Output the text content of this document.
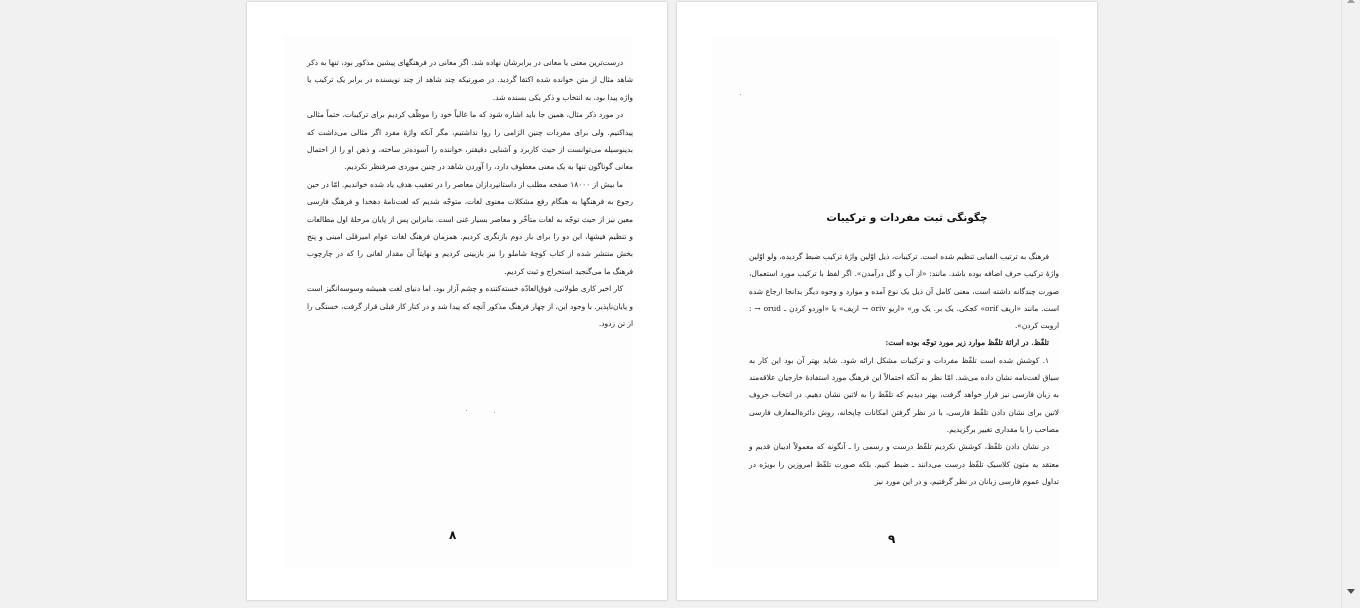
درست‌ترین معنی یا معانی در برابرشان نهاده شد. اگر معانی در فرهنگهای پیشین مذکور بود، تنها به ذکر شاهد مثال از متن خوانده شده اکتفا گردید. در صورتیکه چند شاهد از چند نویسنده در برابر یک ترکیب یا واژه پیدا بود، به انتخاب و ذکر یکی بسنده شد.

در مورد ذکر مثال، همین جا باید اشاره شود که ما غالباً خود را موظّف کردیم برای ترکیبات، حتماً مثالی پیداکنیم. ولی برای مفردات چنین الزامی را روا نداشتیم، مگر آنکه واژهٔ مفرد اگر مثالی می‌داشت که بدینوسیله می‌توانست از حیث کاربرد و آشنایی دقیقتر، خواننده را آسوده‌تر ساخته، و ذهن او را از احتمال معانی گوناگون تنها به یک معنی معطوف دارد، را آوردن شاهد در چنین موردی صرفنظر نکردیم.

ما بیش از ۱۸۰۰۰ صفحه مطلب از داستانپردازان معاصر را در تعقیب هدف یاد شده خواندیم. امّا در حین رجوع به فرهنگها به هنگام رفع مشکلات معنوی لغات، متوجّه شدیم که لغت‌نامهٔ دهخدا و فرهنگ فارسی معین نیز از حیث توجّه به لغات متأخّر و معاصر بسیار غنی است. بنابراین پس از پایان مرحلهٔ اول مطالعات و تنظیم فیشها، این دو را برای بار دوم بازنگری کردیم. همزمان فرهنگ لغات عوام امیرقلی امینی و پنج بخش منتشر شده از کتاب کوچهٔ شاملو را نیز بازبینی کردیم و نهایتاً آن مقدار لغاتی را که در چارچوب فرهنگ ما می‌گنجید استخراج و ثبت کردیم.

کار اخیر کاری طولانی، فوق‌العادّه خسته‌کننده و چشم آزار بود. اما دنیای لغت همیشه وسوسه‌انگیز است و پایان‌ناپذیر. با وجود این، از چهار فرهنگ مذکور آنچه که پیدا شد و در کنار کار قبلی قرار گرفت، خستگی را از تن زدود.

۸
چگونگی ثبت مفردات و ترکیبات

فرهنگ به ترتیب الفبایی تنظیم شده است. ترکیبات، ذیل اوّلین واژهٔ ترکیب ضبط گردیده، ولو اوّلین واژهٔ ترکیب حرف اضافه بوده باشد. مانند: «از آب و گل درآمدن». اگر لفظ با ترکیب مورد استعمال، صورت چندگانه داشته است، معنی کامل آن ذیل یک نوع آمده و موارد و وجوه دیگر بدانجا ارجاع شده است. مانند «اریف orif» کجکی. یک بر. یک ور» «اریو oriv → اریف» یا «اوردو کردن ـ orud → : اروبت کردن».

تلفّظ. در ارائهٔ تلفّظ موارد زیر مورد توجّه بوده است:

۱. کوشش شده است تلفّظ مفردات و ترکیبات مشکل ارائه شود. شاید بهتر آن بود این کار به سیاق لغت‌نامه نشان داده می‌شد. امّا نظر به آنکه احتمالاً این فرهنگ مورد استفادهٔ خارجیان علاقه‌مند به زبان فارسی نیز قرار خواهد گرفت، بهتر دیدیم که تلفّظ را به لاتین نشان دهیم. در انتخاب حروف لاتین برای نشان دادن تلفّظ فارسی، با در نظر گرفتن امکانات چاپخانه، روش دائرةالمعارف فارسی مصاحب را با مقداری تغییر برگزیدیم.

در نشان دادن تلفّظ، کوشش نکردیم تلفّظ درست و رسمی را ـ آنگونه که معمولاً ادیبان قدیم و معتقد به متون کلاسیک تلفّظ درست می‌دانند ـ ضبط کنیم. بلکه صورت تلفّظ امروزین را بویژه در تداول عموم فارسی زبانان در نظر گرفتیم، و در این مورد نیز

۹
